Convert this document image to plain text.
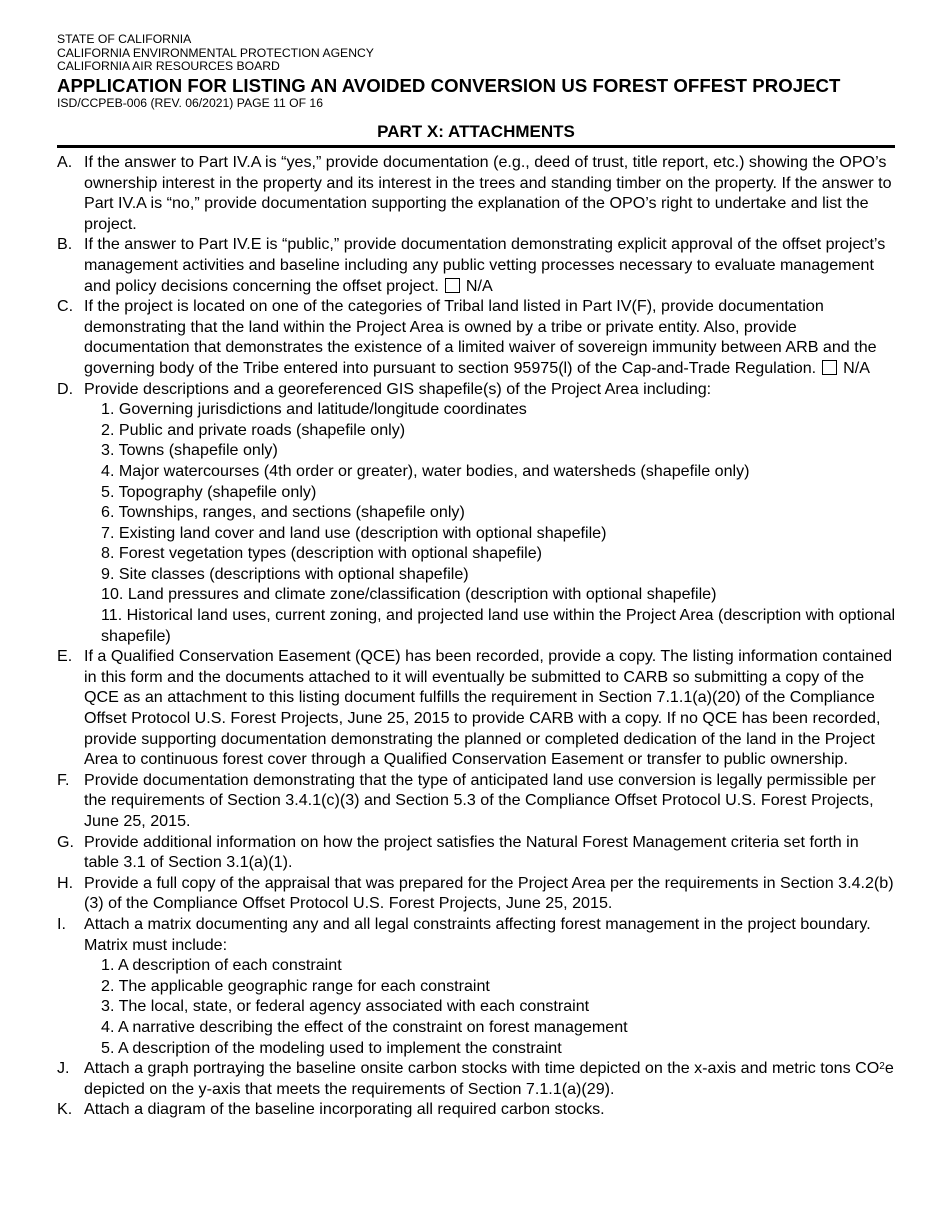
STATE OF CALIFORNIA
CALIFORNIA ENVIRONMENTAL PROTECTION AGENCY
CALIFORNIA AIR RESOURCES BOARD
APPLICATION FOR LISTING AN AVOIDED CONVERSION US FOREST OFFEST PROJECT
ISD/CCPEB-006 (REV. 06/2021) PAGE 11 OF 16
PART X: ATTACHMENTS
A. If the answer to Part IV.A is “yes,” provide documentation (e.g., deed of trust, title report, etc.) showing the OPO’s ownership interest in the property and its interest in the trees and standing timber on the property. If the answer to Part IV.A is “no,” provide documentation supporting the explanation of the OPO’s right to undertake and list the project.
B. If the answer to Part IV.E is “public,” provide documentation demonstrating explicit approval of the offset project’s management activities and baseline including any public vetting processes necessary to evaluate management and policy decisions concerning the offset project. N/A
C. If the project is located on one of the categories of Tribal land listed in Part IV(F), provide documentation demonstrating that the land within the Project Area is owned by a tribe or private entity. Also, provide documentation that demonstrates the existence of a limited waiver of sovereign immunity between ARB and the governing body of the Tribe entered into pursuant to section 95975(l) of the Cap-and-Trade Regulation. N/A
D. Provide descriptions and a georeferenced GIS shapefile(s) of the Project Area including:
1. Governing jurisdictions and latitude/longitude coordinates
2. Public and private roads (shapefile only)
3. Towns (shapefile only)
4. Major watercourses (4th order or greater), water bodies, and watersheds (shapefile only)
5. Topography (shapefile only)
6. Townships, ranges, and sections (shapefile only)
7. Existing land cover and land use (description with optional shapefile)
8. Forest vegetation types (description with optional shapefile)
9. Site classes (descriptions with optional shapefile)
10. Land pressures and climate zone/classification (description with optional shapefile)
11. Historical land uses, current zoning, and projected land use within the Project Area (description with optional shapefile)
E. If a Qualified Conservation Easement (QCE) has been recorded, provide a copy. The listing information contained in this form and the documents attached to it will eventually be submitted to CARB so submitting a copy of the QCE as an attachment to this listing document fulfills the requirement in Section 7.1.1(a)(20) of the Compliance Offset Protocol U.S. Forest Projects, June 25, 2015 to provide CARB with a copy. If no QCE has been recorded, provide supporting documentation demonstrating the planned or completed dedication of the land in the Project Area to continuous forest cover through a Qualified Conservation Easement or transfer to public ownership.
F. Provide documentation demonstrating that the type of anticipated land use conversion is legally permissible per the requirements of Section 3.4.1(c)(3) and Section 5.3 of the Compliance Offset Protocol U.S. Forest Projects, June 25, 2015.
G. Provide additional information on how the project satisfies the Natural Forest Management criteria set forth in table 3.1 of Section 3.1(a)(1).
H. Provide a full copy of the appraisal that was prepared for the Project Area per the requirements in Section 3.4.2(b)(3) of the Compliance Offset Protocol U.S. Forest Projects, June 25, 2015.
I. Attach a matrix documenting any and all legal constraints affecting forest management in the project boundary. Matrix must include:
1. A description of each constraint
2. The applicable geographic range for each constraint
3. The local, state, or federal agency associated with each constraint
4. A narrative describing the effect of the constraint on forest management
5. A description of the modeling used to implement the constraint
J. Attach a graph portraying the baseline onsite carbon stocks with time depicted on the x-axis and metric tons $CO^2e$ depicted on the y-axis that meets the requirements of Section 7.1.1(a)(29).
K. Attach a diagram of the baseline incorporating all required carbon stocks.
